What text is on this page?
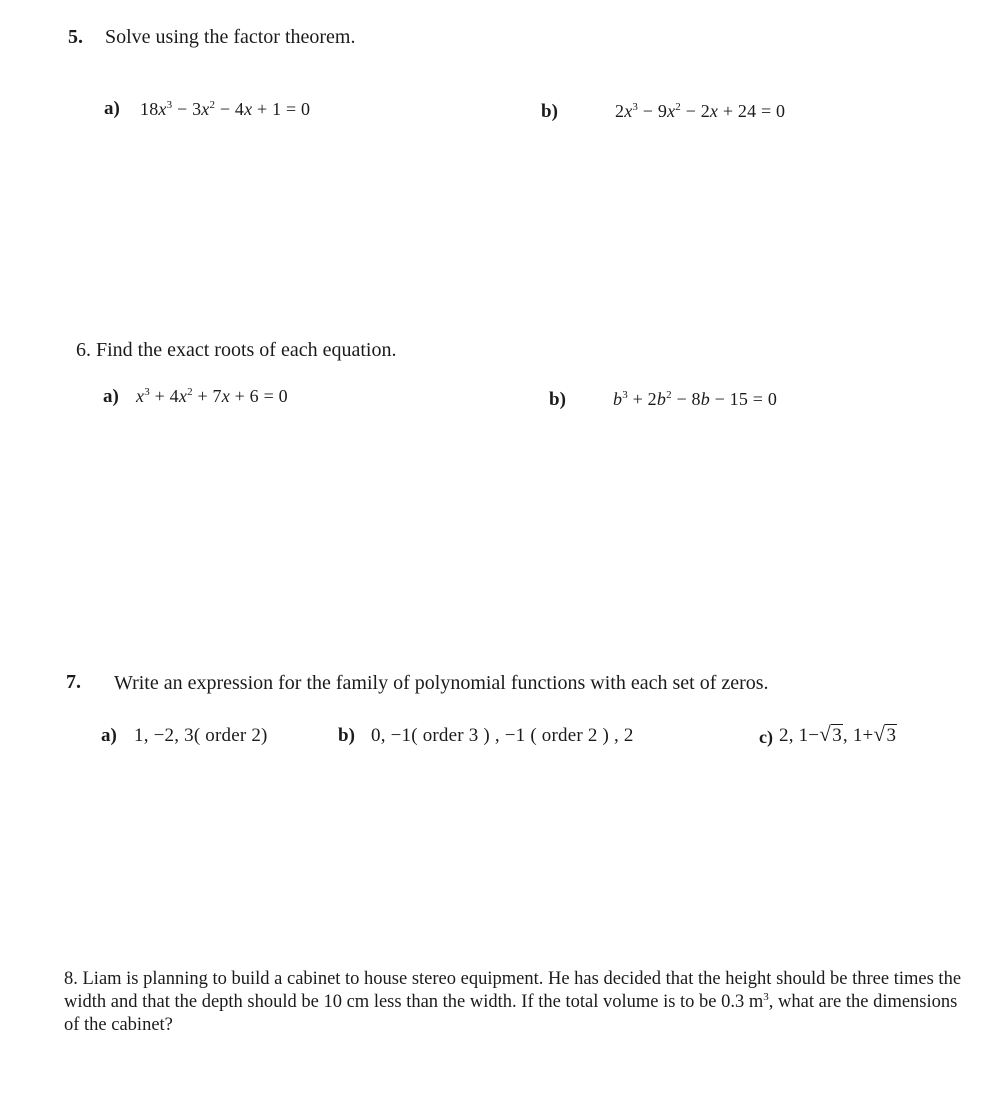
5. Solve using the factor theorem.
a) $18x^3 - 3x^2 - 4x + 1 = 0$	b)	$2x^3 - 9x^2 - 2x + 24 = 0$
6. Find the exact roots of each equation.
a) $x^3 + 4x^2 + 7x + 6 = 0$	b)	$b^3 + 2b^2 - 8b - 15 = 0$
7. Write an expression for the family of polynomial functions with each set of zeros.
a) 1, −2, 3( order 2)	b) 0, −1( order 3 ) , −1 ( order 2 ) , 2	c) 2, 1− √ 3, 1+ √ 3
8. Liam is planning to build a cabinet to house stereo equipment. He has decided that the height should be three times the width and that the depth should be 10 cm less than the width. If the total volume is to be 0.3 $m^3$, what are the dimensions of the cabinet?
